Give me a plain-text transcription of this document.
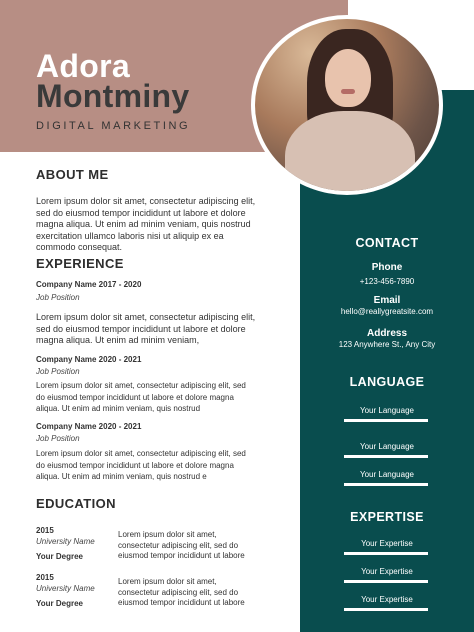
Adora
Montminy
DIGITAL MARKETING
ABOUT ME
Lorem ipsum dolor sit amet, consectetur adipiscing elit,
sed do eiusmod tempor incididunt ut labore et dolore
magna aliqua. Ut enim ad minim veniam, quis nostrud
exercitation ullamco laboris nisi ut aliquip ex ea
commodo consequat.
EXPERIENCE
Company Name 2017 - 2020
Job Position
Lorem ipsum dolor sit amet, consectetur adipiscing elit,
sed do eiusmod tempor incididunt ut labore et dolore
magna aliqua. Ut enim ad minim veniam,
Company Name 2020 - 2021
Job Position
Lorem ipsum dolor sit amet, consectetur adipiscing elit, sed
do eiusmod tempor incididunt ut labore et dolore magna
aliqua. Ut enim ad minim veniam, quis nostrud
Company Name 2020 - 2021
Job Position
Lorem ipsum dolor sit amet, consectetur adipiscing elit, sed
do eiusmod tempor incididunt ut labore et dolore magna
aliqua. Ut enim ad minim veniam, quis nostrud e
EDUCATION
2015
University Name
Your Degree
Lorem ipsum dolor sit amet,
consectetur adipiscing elit, sed do
eiusmod tempor incididunt ut labore
2015
University Name
Your Degree
Lorem ipsum dolor sit amet,
consectetur adipiscing elit, sed do
eiusmod tempor incididunt ut labore
CONTACT
Phone
+123-456-7890
Email
hello@reallygreatsite.com
Address
123 Anywhere St., Any City
LANGUAGE
Your Language
Your Language
Your Language
EXPERTISE
Your Expertise
Your Expertise
Your Expertise
